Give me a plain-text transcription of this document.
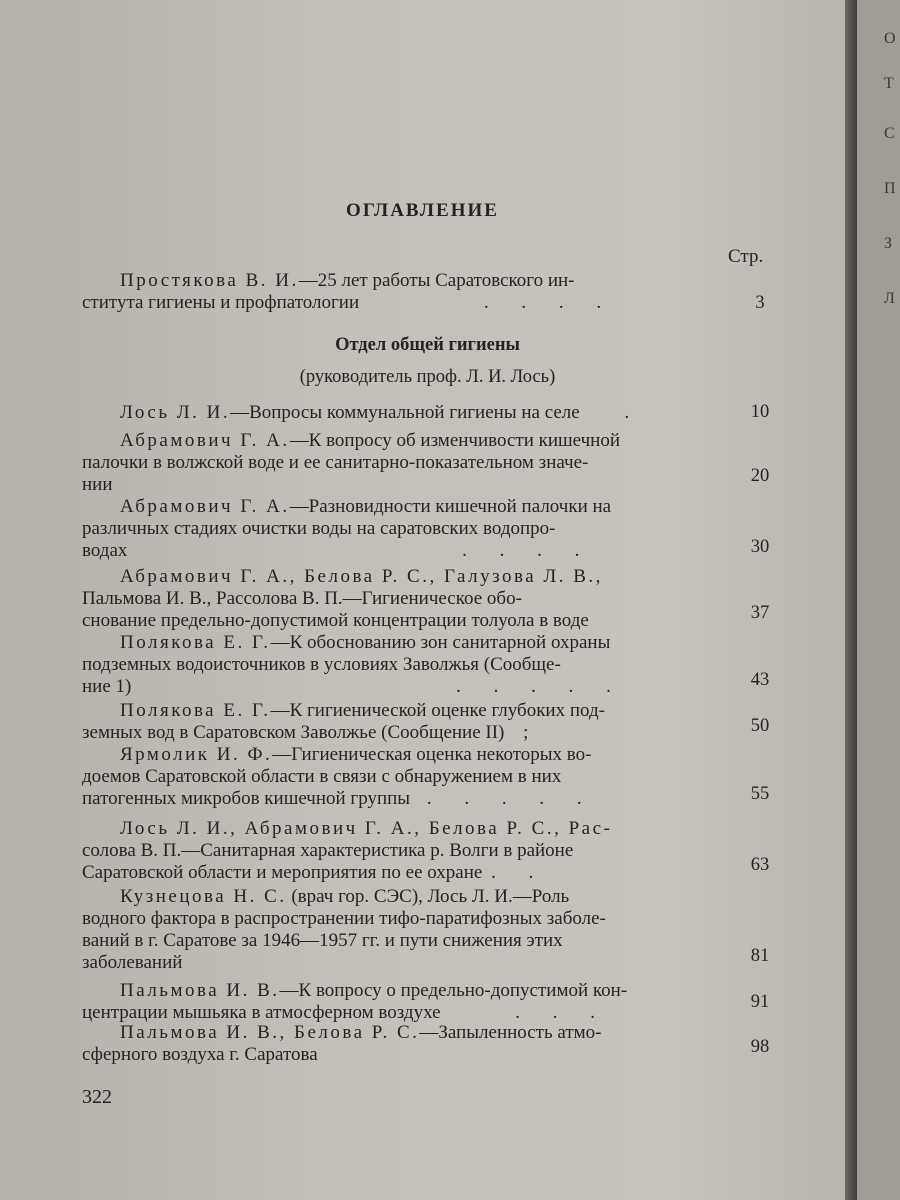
О
Т
С
П
З
Л
ОГЛАВЛЕНИЕ
Стр.
Простякова В. И.—25 лет работы Саратовского ин-
ститута гигиены и профпатологии	. . . .	3
Отдел общей гигиены
(руководитель проф. Л. И. Лось)
Лось Л. И.—Вопросы коммунальной гигиены на селе .	10
Абрамович Г. А.—К вопросу об изменчивости кишечной
палочки в волжской воде и ее санитарно-показательном значе-
нии	20
Абрамович Г. А.—Разновидности кишечной палочки на
различных стадиях очистки воды на саратовских водопро-
водах	. . . .	30
Абрамович Г. А., Белова Р. С., Галузова Л. В.,
Пальмова И. В., Рассолова В. П.—Гигиеническое обо-
снование предельно-допустимой концентрации толуола в воде	37
Полякова Е. Г.—К обоснованию зон санитарной охраны
подземных водоисточников в условиях Заволжья (Сообще-
ние 1)	. . . . .	43
Полякова Е. Г.—К гигиенической оценке глубоких под-
земных вод в Саратовском Заволжье (Сообщение II) ;	50
Ярмолик И. Ф.—Гигиеническая оценка некоторых во-
доемов Саратовской области в связи с обнаружением в них
патогенных микробов кишечной группы . . . . .	55
Лось Л. И., Абрамович Г. А., Белова Р. С., Рас-
солова В. П.—Санитарная характеристика р. Волги в районе
Саратовской области и мероприятия по ее охране . .	63
Кузнецова Н. С. (врач гор. СЭС), Лось Л. И.—Роль
водного фактора в распространении тифо-паратифозных заболе-
ваний в г. Саратове за 1946—1957 гг. и пути снижения этих
заболеваний	81
Пальмова И. В.—К вопросу о предельно-допустимой кон-
центрации мышьяка в атмосферном воздухе	. . .	91
Пальмова И. В., Белова Р. С.—Запыленность атмо-
сферного воздуха г. Саратова	98
322
